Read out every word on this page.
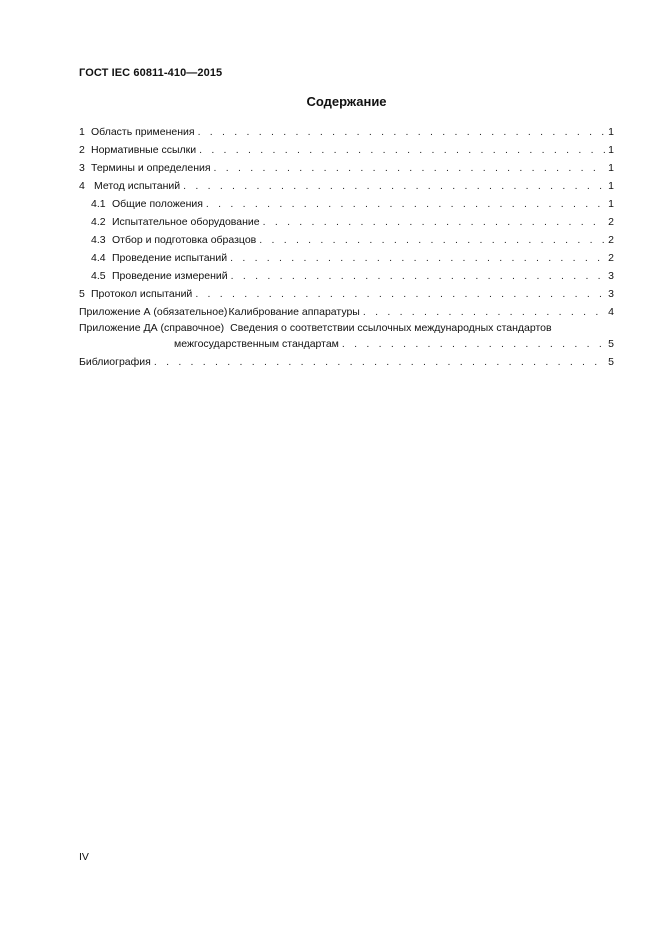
ГОСТ IEC 60811-410—2015
Содержание
1 Область применения . . .	1
2 Нормативные ссылки . . .	1
3 Термины и определения . . .	1
4 Метод испытаний . . .	1
4.1 Общие положения . . .	1
4.2 Испытательное оборудование . . .	2
4.3 Отбор и подготовка образцов . . .	2
4.4 Проведение испытаний . . .	2
4.5 Проведение измерений . . .	3
5 Протокол испытаний . . .	3
Приложение А (обязательное) Калибрование аппаратуры . . .	4
Приложение ДА (справочное) Сведения о соответствии ссылочных международных стандартов
межгосударственным стандартам . . .	5
Библиография . . .	5
IV
